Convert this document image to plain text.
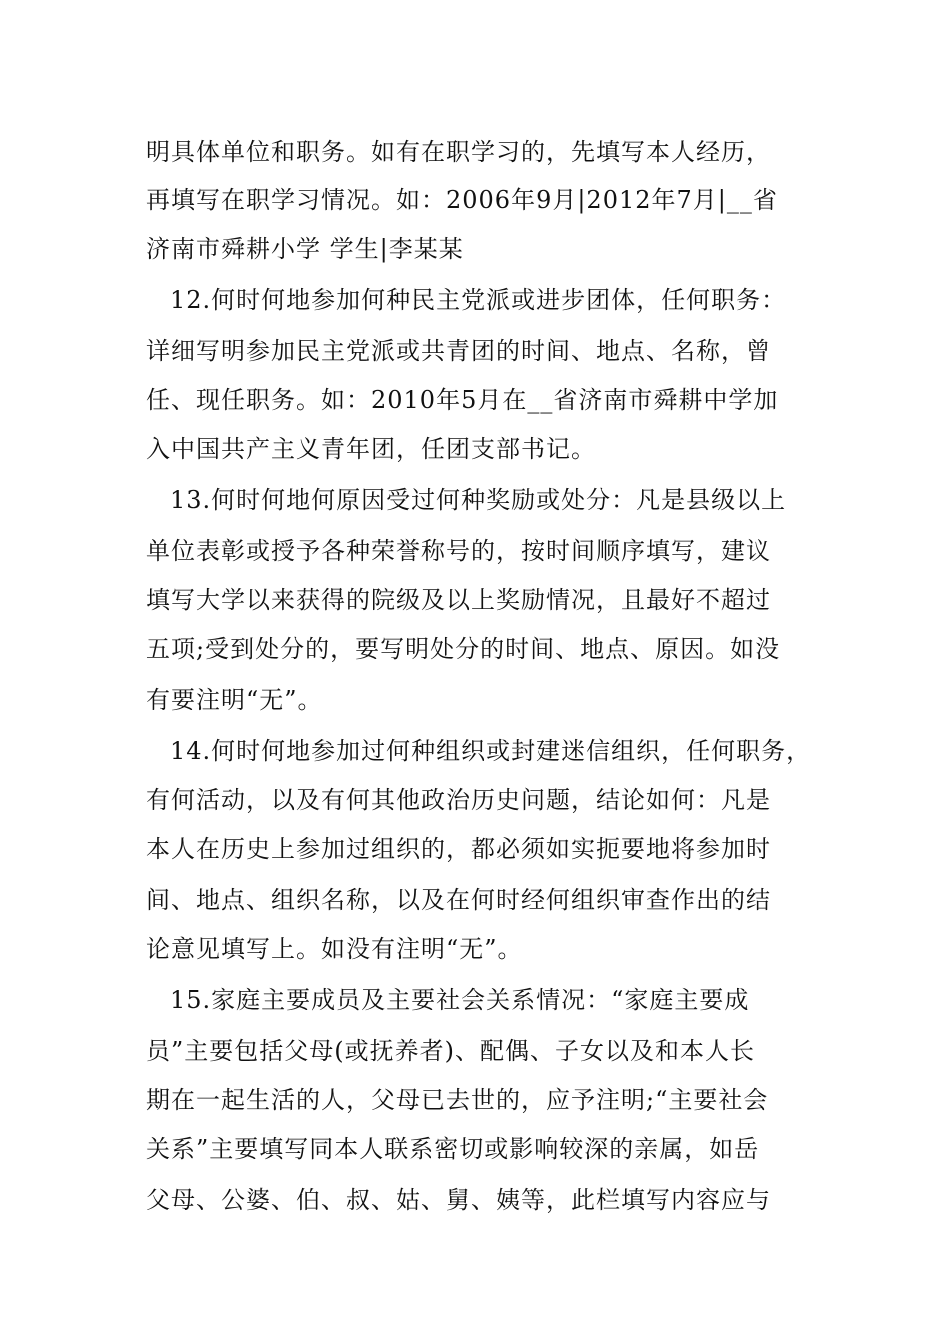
明具体单位和职务。如有在职学习的，先填写本人经历，

再填写在职学习情况。如：2006年9月|2012年7月|__省

济南市舜耕小学 学生|李某某

12.何时何地参加何种民主党派或进步团体，任何职务：

详细写明参加民主党派或共青团的时间、地点、名称，曾

任、现任职务。如：2010年5月在__省济南市舜耕中学加

入中国共产主义青年团，任团支部书记。

13.何时何地何原因受过何种奖励或处分：凡是县级以上

单位表彰或授予各种荣誉称号的，按时间顺序填写，建议

填写大学以来获得的院级及以上奖励情况，且最好不超过

五项;受到处分的，要写明处分的时间、地点、原因。如没

有要注明“无”。

14.何时何地参加过何种组织或封建迷信组织，任何职务，

有何活动，以及有何其他政治历史问题，结论如何：凡是

本人在历史上参加过组织的，都必须如实扼要地将参加时

间、地点、组织名称，以及在何时经何组织审查作出的结

论意见填写上。如没有注明“无”。

15.家庭主要成员及主要社会关系情况：“家庭主要成

员”主要包括父母(或抚养者)、配偶、子女以及和本人长

期在一起生活的人，父母已去世的，应予注明;“主要社会

关系”主要填写同本人联系密切或影响较深的亲属，如岳

父母、公婆、伯、叔、姑、舅、姨等，此栏填写内容应与
